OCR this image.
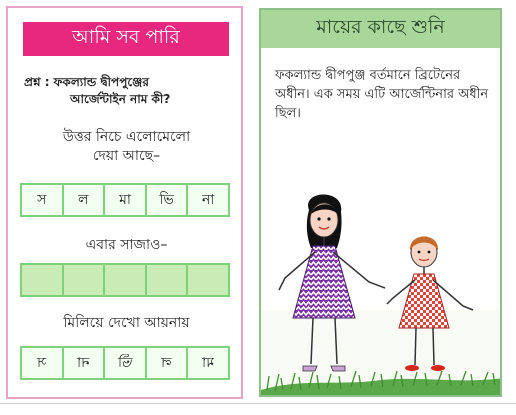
আমি সব পারি
প্রশ্ন : ফকল্যান্ড দ্বীপপুঞ্জের
আর্জেন্টাইন নাম কী?
উত্তর নিচে এলোমেলো দেয়া আছে–
স	ল	মা	ভি	না
এবার সাজাও–
মিলিয়ে দেখো আয়নায়
স না ভী ল মা
মায়ের কাছে শুনি
ফকল্যান্ড দ্বীপপুঞ্জ বর্তমানে ব্রিটেনের অধীন। এক সময় এটি আর্জেন্টিনার অধীন ছিল।
